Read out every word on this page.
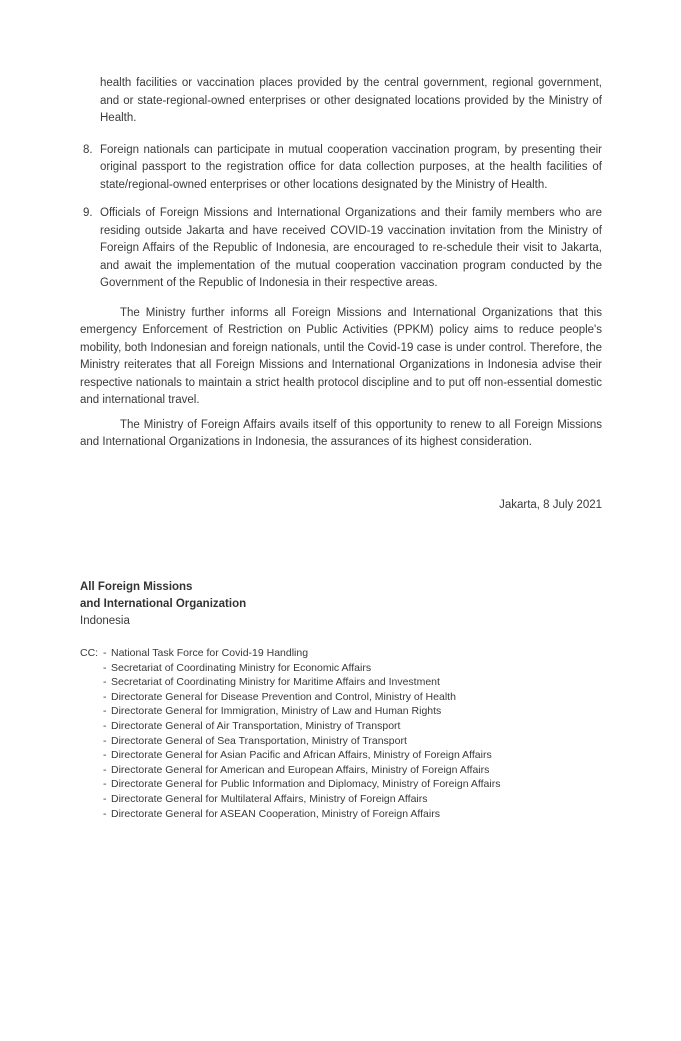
health facilities or vaccination places provided by the central government, regional government, and or state-regional-owned enterprises or other designated locations provided by the Ministry of Health.

8. Foreign nationals can participate in mutual cooperation vaccination program, by presenting their original passport to the registration office for data collection purposes, at the health facilities of state/regional-owned enterprises or other locations designated by the Ministry of Health.

9. Officials of Foreign Missions and International Organizations and their family members who are residing outside Jakarta and have received COVID-19 vaccination invitation from the Ministry of Foreign Affairs of the Republic of Indonesia, are encouraged to re-schedule their visit to Jakarta, and await the implementation of the mutual cooperation vaccination program conducted by the Government of the Republic of Indonesia in their respective areas.

The Ministry further informs all Foreign Missions and International Organizations that this emergency Enforcement of Restriction on Public Activities (PPKM) policy aims to reduce people's mobility, both Indonesian and foreign nationals, until the Covid-19 case is under control. Therefore, the Ministry reiterates that all Foreign Missions and International Organizations in Indonesia advise their respective nationals to maintain a strict health protocol discipline and to put off non-essential domestic and international travel.

The Ministry of Foreign Affairs avails itself of this opportunity to renew to all Foreign Missions and International Organizations in Indonesia, the assurances of its highest consideration.

Jakarta, 8 July 2021

All Foreign Missions

and International Organization

Indonesia

CC: - National Task Force for Covid-19 Handling
- Secretariat of Coordinating Ministry for Economic Affairs
- Secretariat of Coordinating Ministry for Maritime Affairs and Investment
- Directorate General for Disease Prevention and Control, Ministry of Health
- Directorate General for Immigration, Ministry of Law and Human Rights
- Directorate General of Air Transportation, Ministry of Transport
- Directorate General of Sea Transportation, Ministry of Transport
- Directorate General for Asian Pacific and African Affairs, Ministry of Foreign Affairs
- Directorate General for American and European Affairs, Ministry of Foreign Affairs
- Directorate General for Public Information and Diplomacy, Ministry of Foreign Affairs
- Directorate General for Multilateral Affairs, Ministry of Foreign Affairs
- Directorate General for ASEAN Cooperation, Ministry of Foreign Affairs
